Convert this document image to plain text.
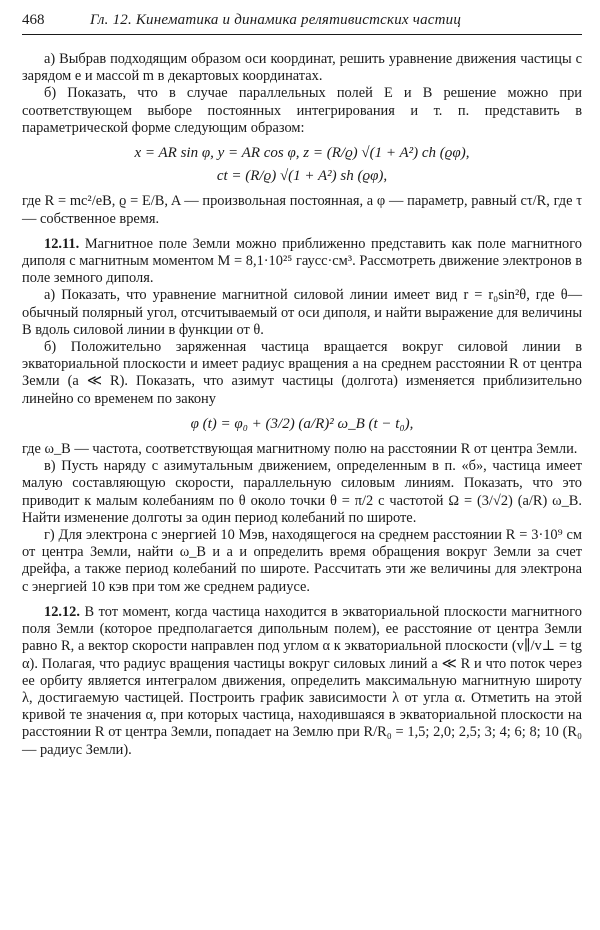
468	Гл. 12. Кинематика и динамика релятивистских частиц

а) Выбрав подходящим образом оси координат, решить уравнение движения частицы с зарядом e и массой m в декартовых координатах.

б) Показать, что в случае параллельных полей E и B решение можно при соответствующем выборе постоянных интегрирования и т. п. представить в параметрической форме следующим образом:

x = AR sin φ, y = AR cos φ, z = (R/ϱ) √(1 + A²) ch (ϱφ),
ct = (R/ϱ) √(1 + A²) sh (ϱφ),

где R = mc²/eB, ϱ = E/B, A — произвольная постоянная, а φ — параметр, равный cτ/R, где τ — собственное время.

12.11. Магнитное поле Земли можно приближенно представить как поле магнитного диполя с магнитным моментом M = 8,1·10²⁵ гаусс·см³. Рассмотреть движение электронов в поле земного диполя.

а) Показать, что уравнение магнитной силовой линии имеет вид r = r₀sin²θ, где θ—обычный полярный угол, отсчитываемый от оси диполя, и найти выражение для величины B вдоль силовой линии в функции от θ.

б) Положительно заряженная частица вращается вокруг силовой линии в экваториальной плоскости и имеет радиус вращения a на среднем расстоянии R от центра Земли (a ≪ R). Показать, что азимут частицы (долгота) изменяется приблизительно линейно со временем по закону

φ (t) = φ₀ + (3/2) (a/R)² ω_B (t − t₀),

где ω_B — частота, соответствующая магнитному полю на расстоянии R от центра Земли.

в) Пусть наряду с азимутальным движением, определенным в п. «б», частица имеет малую составляющую скорости, параллельную силовым линиям. Показать, что это приводит к малым колебаниям по θ около точки θ = π/2 с частотой Ω = (3/√2) (a/R) ω_B. Найти изменение долготы за один период колебаний по широте.

г) Для электрона с энергией 10 Мэв, находящегося на среднем расстоянии R = 3·10⁹ см от центра Земли, найти ω_B и a и определить время обращения вокруг Земли за счет дрейфа, а также период колебаний по широте. Рассчитать эти же величины для электрона с энергией 10 кэв при том же среднем радиусе.

12.12. В тот момент, когда частица находится в экваториальной плоскости магнитного поля Земли (которое предполагается дипольным полем), ее расстояние от центра Земли равно R, а вектор скорости направлен под углом α к экваториальной плоскости (v∥/v⊥ = tg α). Полагая, что радиус вращения частицы вокруг силовых линий a ≪ R и что поток через ее орбиту является интегралом движения, определить максимальную магнитную широту λ, достигаемую частицей. Построить график зависимости λ от угла α. Отметить на этой кривой те значения α, при которых частица, находившаяся в экваториальной плоскости на расстоянии R от центра Земли, попадает на Землю при R/R₀ = 1,5; 2,0; 2,5; 3; 4; 6; 8; 10 (R₀ — радиус Земли).
